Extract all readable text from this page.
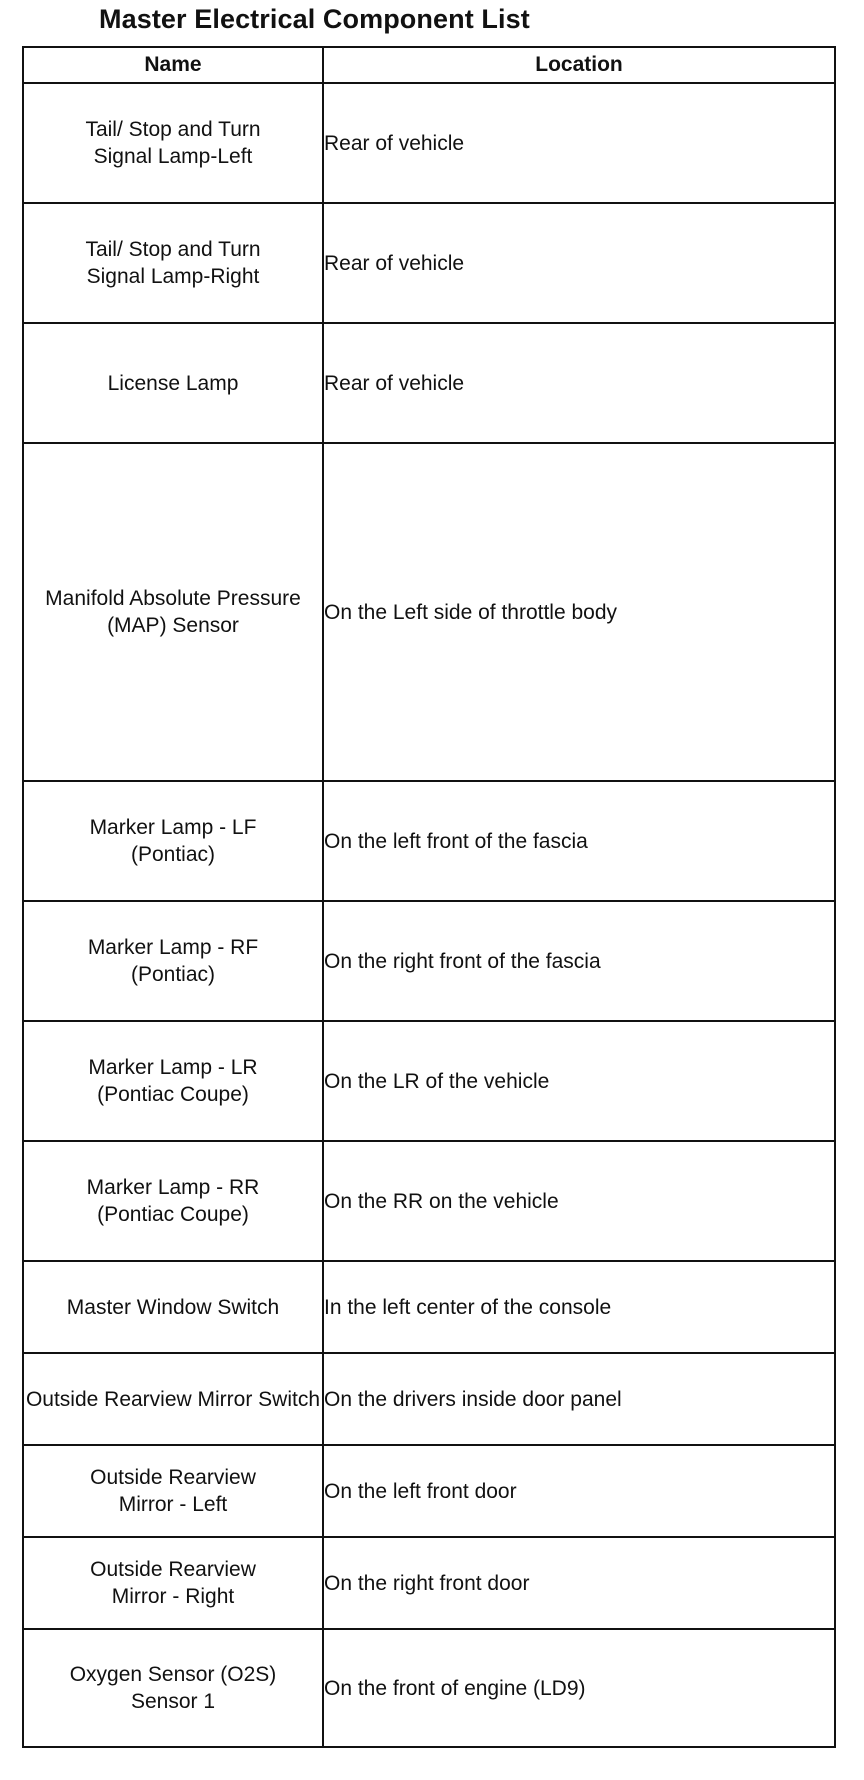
Master Electrical Component List
Name	Location
Tail/ Stop and Turn Signal Lamp-Left	Rear of vehicle
Tail/ Stop and Turn Signal Lamp-Right	Rear of vehicle
License Lamp	Rear of vehicle
Manifold Absolute Pressure (MAP) Sensor	On the Left side of throttle body
Marker Lamp - LF (Pontiac)	On the left front of the fascia
Marker Lamp - RF (Pontiac)	On the right front of the fascia
Marker Lamp - LR (Pontiac Coupe)	On the LR of the vehicle
Marker Lamp - RR (Pontiac Coupe)	On the RR on the vehicle
Master Window Switch	In the left center of the console
Outside Rearview Mirror Switch	On the drivers inside door panel
Outside Rearview Mirror - Left	On the left front door
Outside Rearview Mirror - Right	On the right front door
Oxygen Sensor (O2S) Sensor 1	On the front of engine (LD9)
